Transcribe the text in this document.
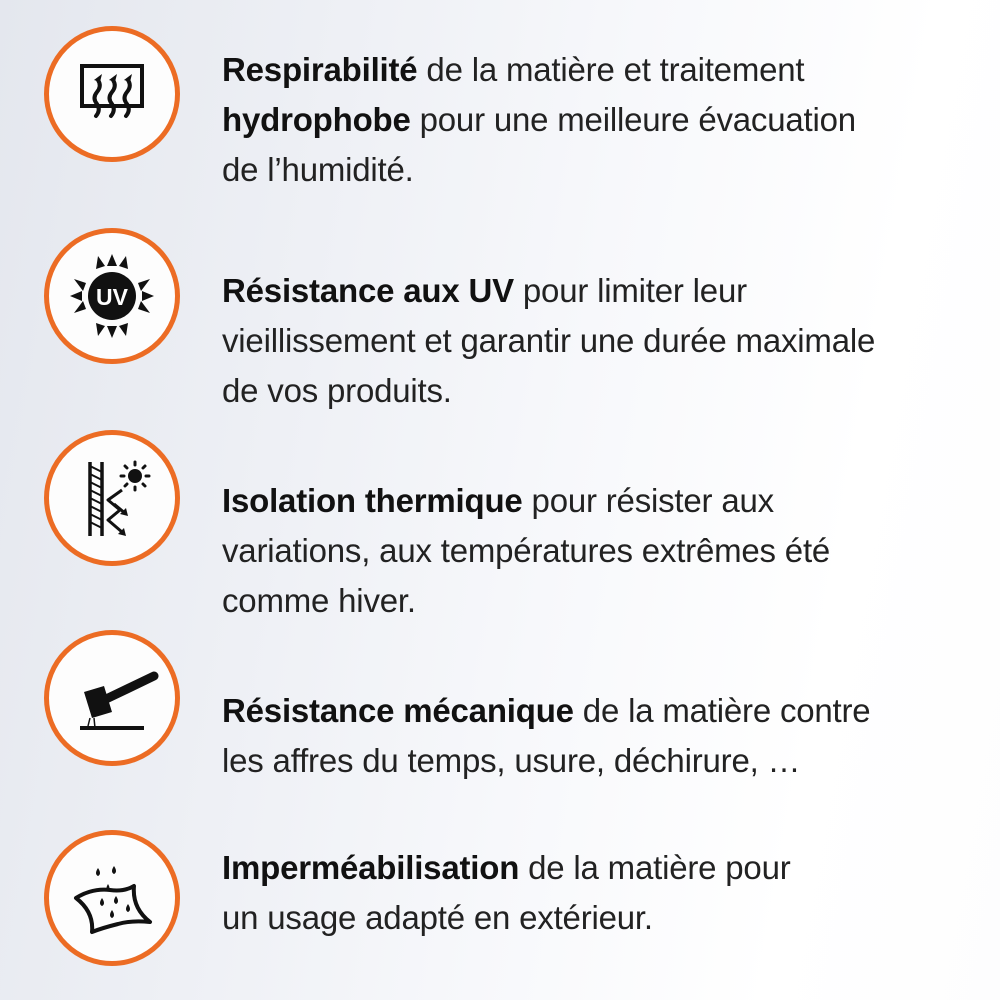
Respirabilité de la matière et traitement
hydrophobe pour une meilleure évacuation
de l’humidité.
UV	Résistance aux UV pour limiter leur
vieillissement et garantir une durée maximale
de vos produits.
Isolation thermique pour résister aux
variations, aux températures extrêmes été
comme hiver.
Résistance mécanique de la matière contre
les affres du temps, usure, déchirure, …
Imperméabilisation de la matière pour
un usage adapté en extérieur.
